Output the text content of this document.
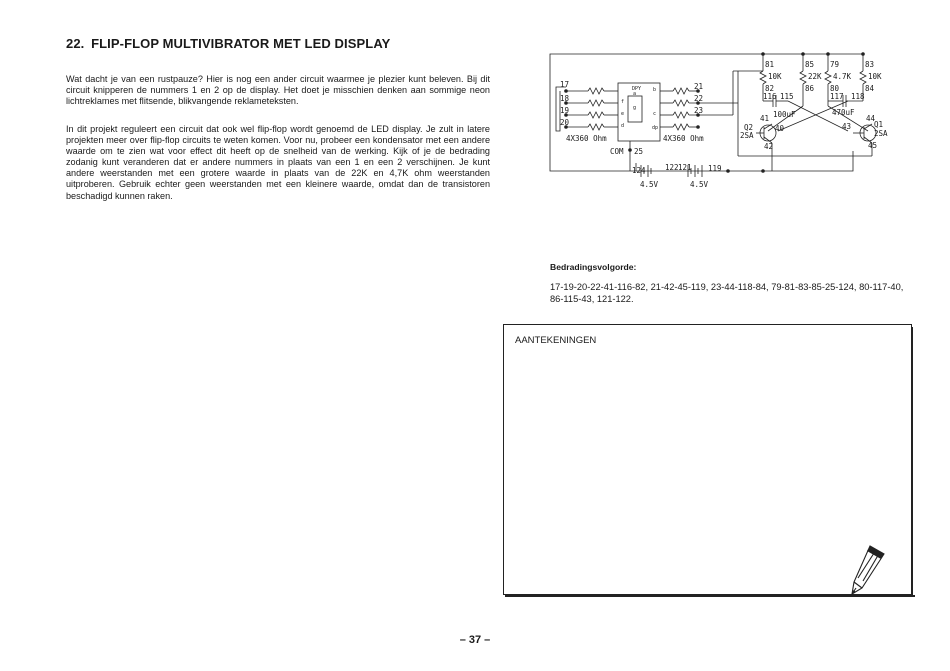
22. FLIP-FLOP MULTIVIBRATOR MET LED DISPLAY

Wat dacht je van een rustpauze? Hier is nog een ander circuit waarmee je plezier kunt beleven. Bij dit circuit knipperen de nummers 1 en 2 op de display. Het doet je misschien denken aan sommige neon lichtreklames met flitsende, blikvangende reklameteksten.

In dit projekt reguleert een circuit dat ook wel flip-flop wordt genoemd de LED display. Je zult in latere projekten meer over flip-flop circuits te weten komen. Voor nu, probeer een kondensator met een andere waarde om te zien wat voor effect dit heeft op de snelheid van de werking. Kijk of je de bedrading zodanig kunt veranderen dat er andere nummers in plaats van een 1 en een 2 verschijnen. Je kunt andere weerstanden met een grotere waarde in plaats van de 22K en 4,7K ohm weerstanden uitproberen. Gebruik echter geen weerstanden met een kleinere waarde, omdat dan de transistoren beschadigd kunnen raken.

17
18
19
20
21
22
23
4X360 Ohm	4X360 Ohm
DPY
f
a
b
g
e	c
d	dp
COM 25
81
10K
82
85
22K
86
79
4.7K
80
83
10K
84
116 115
100uF
117 118
470uF
Q2
2SA
41
40
42
Q1
2SA
43
44
45
124	122
4.5V
121 119
4.5V
Bedradingsvolgorde:

17-19-20-22-41-116-82, 21-42-45-119, 23-44-118-84, 79-81-83-85-25-124, 80-117-40, 86-115-43, 121-122.

AANTEKENINGEN

– 37 –
